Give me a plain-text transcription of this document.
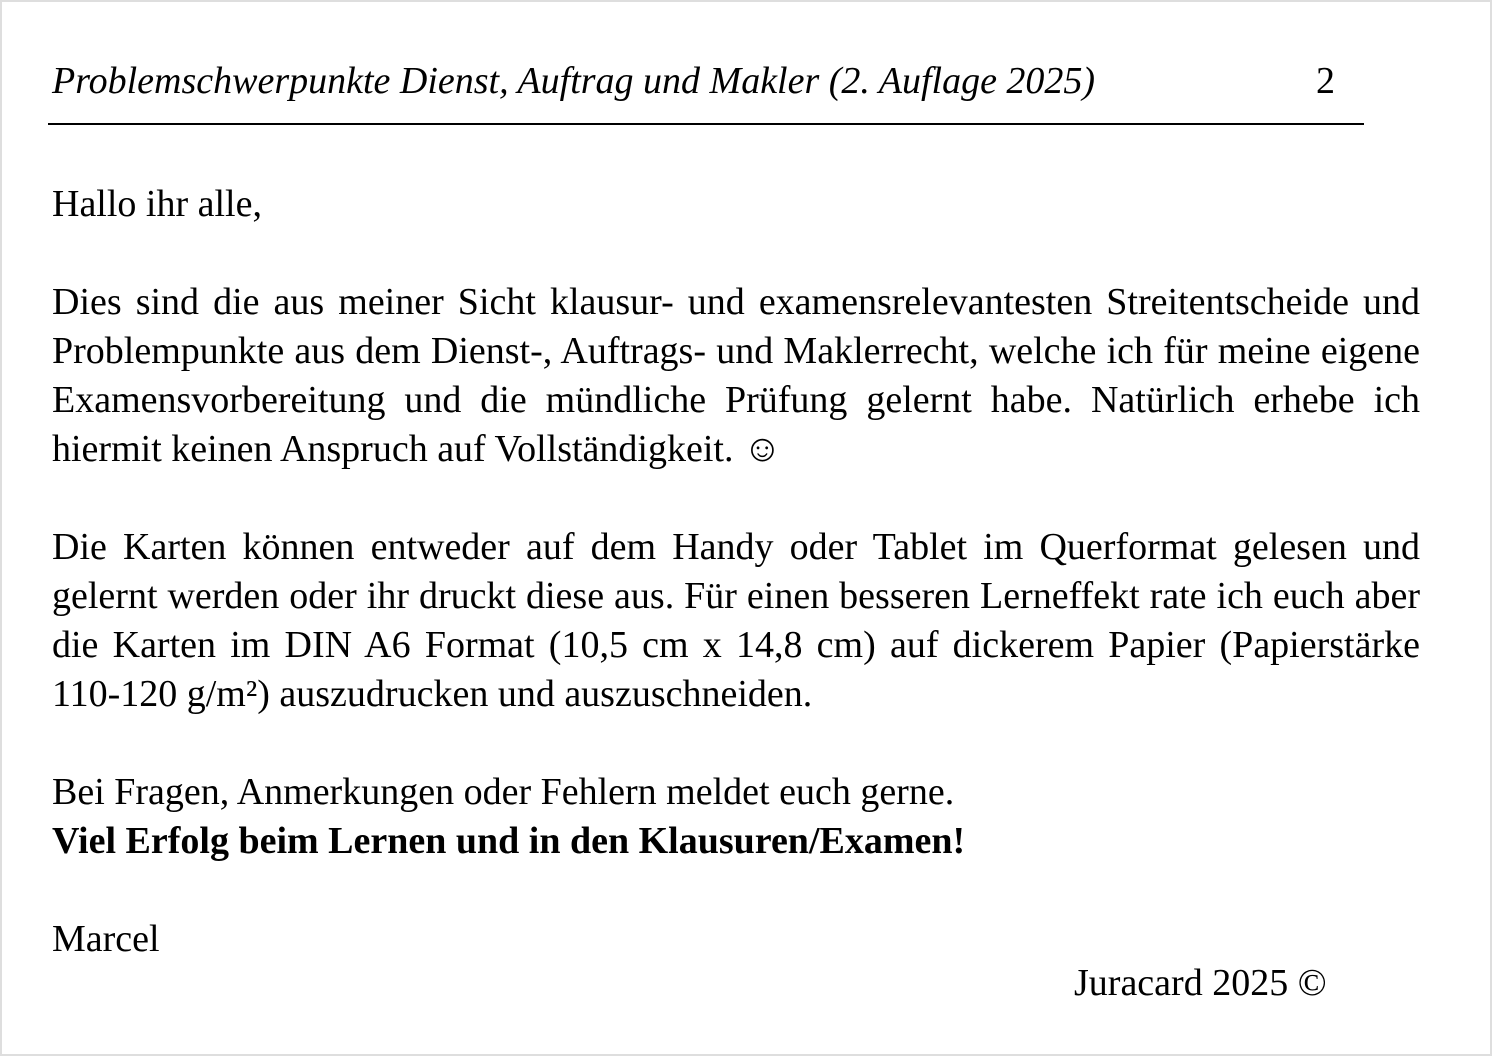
Problemschwerpunkte Dienst, Auftrag und Makler (2. Auflage 2025)	2

Hallo ihr alle,

Dies sind die aus meiner Sicht klausur- und examensrelevantesten Streitentscheide und Problempunkte aus dem Dienst-, Auftrags- und Maklerrecht, welche ich für meine eigene Examensvorbereitung und die mündliche Prüfung gelernt habe. Natürlich erhebe ich hiermit keinen Anspruch auf Vollständigkeit. ☺

Die Karten können entweder auf dem Handy oder Tablet im Querformat gelesen und gelernt werden oder ihr druckt diese aus. Für einen besseren Lerneffekt rate ich euch aber die Karten im DIN A6 Format (10,5 cm x 14,8 cm) auf dickerem Papier (Papierstärke 110-120 g/m²) auszudrucken und auszuschneiden.

Bei Fragen, Anmerkungen oder Fehlern meldet euch gerne.

Viel Erfolg beim Lernen und in den Klausuren/Examen!

Marcel

Juracard 2025 ©
